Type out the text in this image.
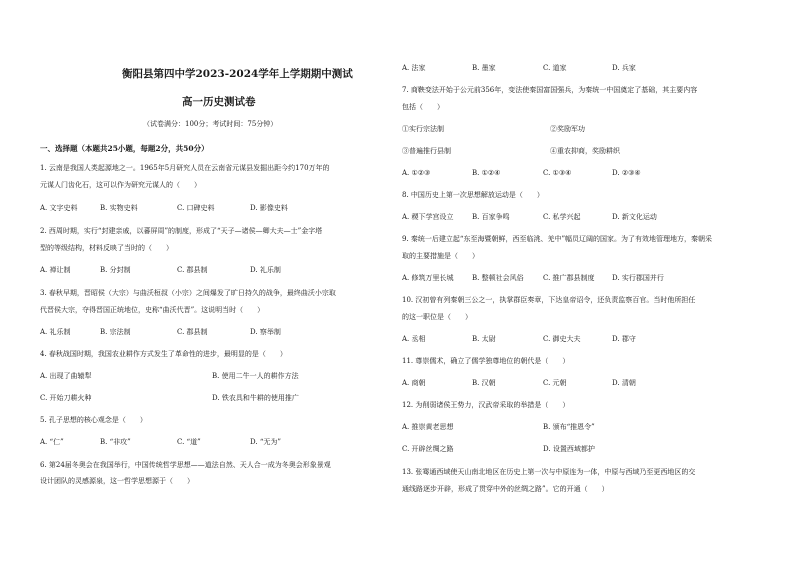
衡阳县第四中学2023-2024学年上学期期中测试
高一历史测试卷
（试卷满分：100分；考试时间：75分钟）
一、选择题（本题共25小题，每题2分，共50分）
1. 云南是我国人类起源地之一。1965年5月研究人员在云南省元谋县发掘出距今约170万年的
元谋人门齿化石，这可以作为研究元谋人的（　　）
A. 文字史料	B. 实物史料	C. 口碑史料	D. 影像史料
2. 西周时期，实行“封建亲戚，以蕃屏周”的制度，形成了“天子—诸侯—卿大夫—士”金字塔
型的等级结构，材料反映了当时的（　　）
A. 禅让制	B. 分封制	C. 郡县制	D. 礼乐制
3. 春秋早期，晋昭侯（大宗）与曲沃桓叔（小宗）之间爆发了旷日持久的战争，最终曲沃小宗取
代晋侯大宗，夺得晋国正统地位，史称“曲沃代晋”。这说明当时（　　）
A. 礼乐制	B. 宗法制	C. 郡县制	D. 察举制
4. 春秋战国时期，我国农业耕作方式发生了革命性的进步，最明显的是（　　）
A. 出现了曲辕犁	B. 使用二牛一人的耕作方法
C. 开始刀耕火种	D. 铁农具和牛耕的使用推广
5. 孔子思想的核心观念是（　　）
A. “仁”	B. “非攻”	C. “道”	D. “无为”
6. 第24届冬奥会在我国举行，中国传统哲学思想——道法自然、天人合一成为冬奥会形象景观
设计团队的灵感源泉，这一哲学思想源于（　　）
A. 法家	B. 墨家	C. 道家	D. 兵家
7. 商鞅变法开始于公元前356年，变法使秦国富国强兵，为秦统一中国奠定了基础，其主要内容
包括（　　）
①实行宗法制	②奖励军功
③普遍推行县制	④重农抑商，奖励耕织
A. ①②③	B. ①②④	C. ①③④	D. ②③④
8. 中国历史上第一次思想解放运动是（　　）
A. 稷下学宫设立	B. 百家争鸣	C. 私学兴起	D. 新文化运动
9. 秦统一后建立起“东至海暨朝鲜，西至临洮、羌中”幅员辽阔的国家。为了有效地管理地方，秦朝采
取的主要措施是（　　）
A. 修筑万里长城	B. 整顿社会风俗	C. 推广郡县制度 D. 实行郡国并行
10. 汉初曾有列秦朝三公之一，执掌群臣奏章，下达皇帝诏令，还负责监察百官。当时他所担任
的这一职位是（　　）
A. 丞相	B. 太尉	C. 御史大夫	D. 郡守
11. 尊崇儒术，确立了儒学独尊地位的朝代是（　　）
A. 商朝	B. 汉朝	C. 元朝	D. 清朝
12. 为削弱诸侯王势力，汉武帝采取的举措是（　　）
A. 推崇黄老思想	B. 颁布“推恩令”
C. 开辟丝绸之路	D. 设置西域都护
13. 张骞通西域使天山南北地区在历史上第一次与中原连为一体，中原与西域乃至更西地区的交
通线路逐步开辟，形成了贯穿中外的丝绸之路”。它的开通（　　）
